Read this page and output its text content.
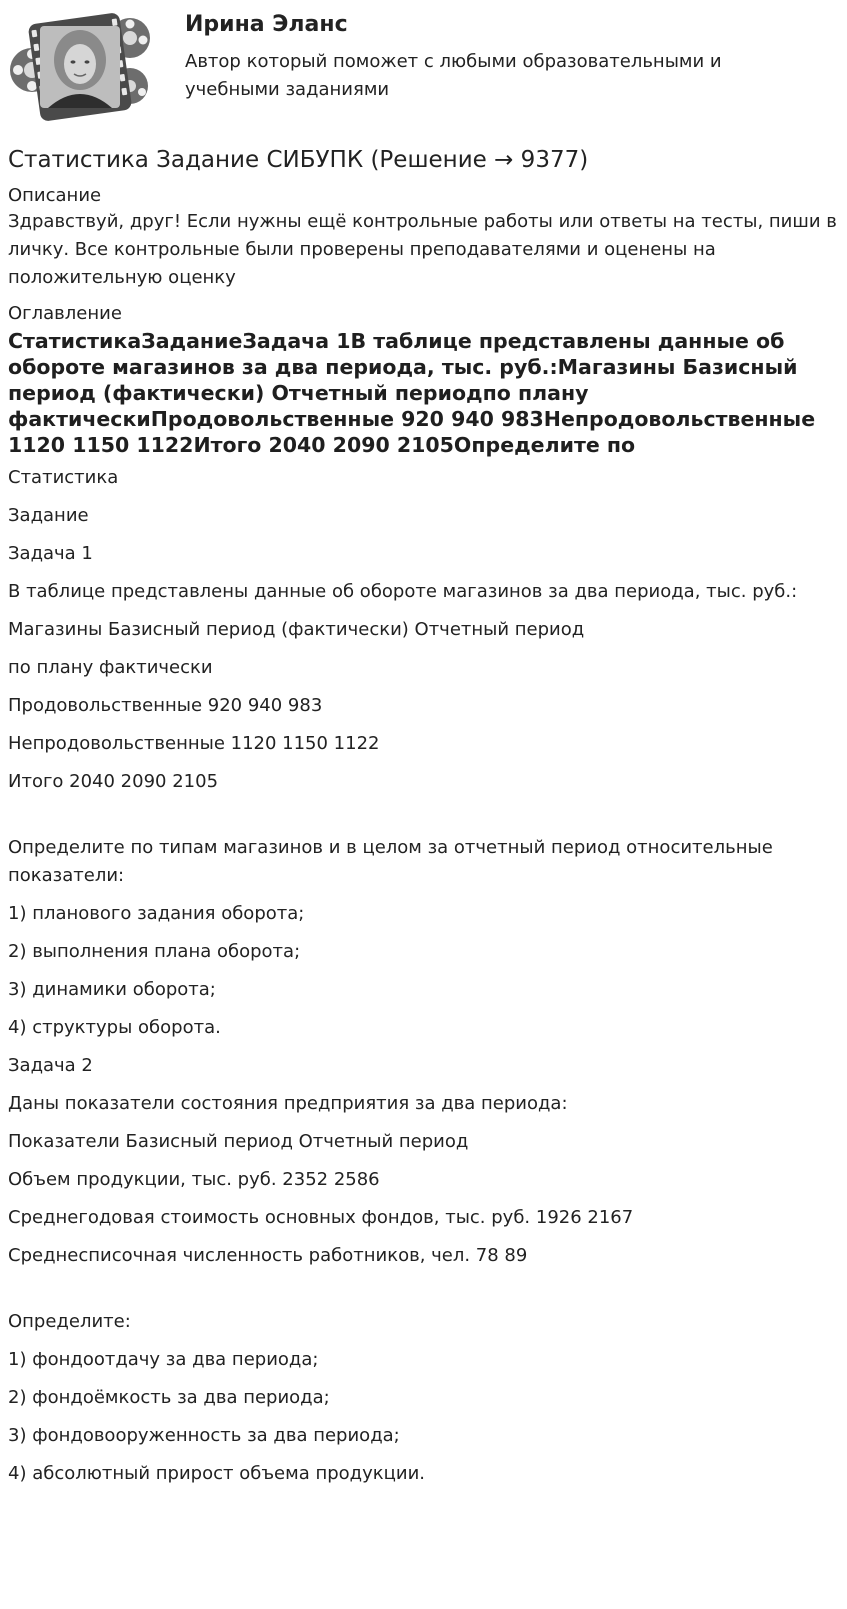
Ирина Эланс
Автор который поможет с любыми образовательными и учебными заданиями
Статистика Задание СИБУПК (Решение → 9377)
Описание
Здравствуй, друг! Если нужны ещё контрольные работы или ответы на тесты, пиши в личку. Все контрольные были проверены преподавателями и оценены на положительную оценку
Оглавление
СтатистикаЗаданиеЗадача 1В таблице представлены данные об обороте магазинов за два периода, тыс. руб.:Магазины Базисный период (фактически) Отчетный периодпо плану фактическиПродовольственные 920 940 983Непродовольственные 1120 1150 1122Итого 2040 2090 2105Определите по

Статистика

Задание

Задача 1

В таблице представлены данные об обороте магазинов за два периода, тыс. руб.:

Магазины Базисный период (фактически) Отчетный период

по плану фактически

Продовольственные 920 940 983

Непродовольственные 1120 1150 1122

Итого 2040 2090 2105

Определите по типам магазинов и в целом за отчетный период относительные показатели:

1) планового задания оборота;

2) выполнения плана оборота;

3) динамики оборота;

4) структуры оборота.

Задача 2

Даны показатели состояния предприятия за два периода:

Показатели Базисный период Отчетный период

Объем продукции, тыс. руб. 2352 2586

Среднегодовая стоимость основных фондов, тыс. руб. 1926 2167

Среднесписочная численность работников, чел. 78 89

Определите:

1) фондоотдачу за два периода;

2) фондоёмкость за два периода;

3) фондовооруженность за два периода;

4) абсолютный прирост объема продукции.
